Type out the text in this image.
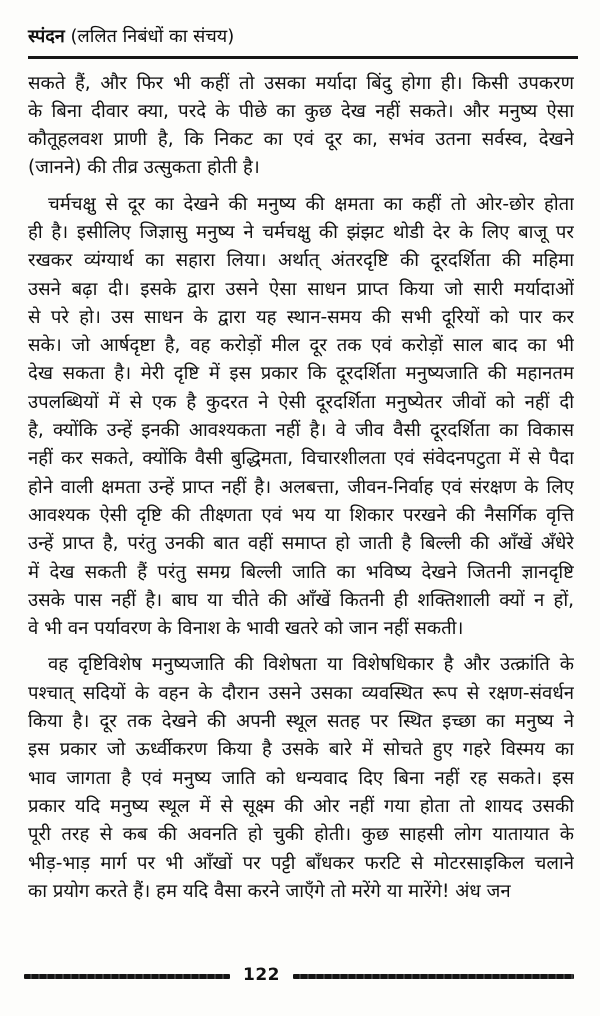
स्पंदन (ललित निबंधों का संचय)
सकते हैं, और फिर भी कहीं तो उसका मर्यादा बिंदु होगा ही। किसी उपकरण
के बिना दीवार क्या, परदे के पीछे का कुछ देख नहीं सकते। और मनुष्य ऐसा
कौतूहलवश प्राणी है, कि निकट का एवं दूर का, सभंव उतना सर्वस्व, देखने
(जानने) की तीव्र उत्सुकता होती है।
चर्मचक्षु से दूर का देखने की मनुष्य की क्षमता का कहीं तो ओर-छोर होता
ही है। इसीलिए जिज्ञासु मनुष्य ने चर्मचक्षु की झंझट थोडी देर के लिए बाजू पर
रखकर व्यंग्यार्थ का सहारा लिया। अर्थात् अंतरदृष्टि की दूरदर्शिता की महिमा
उसने बढ़ा दी। इसके द्वारा उसने ऐसा साधन प्राप्त किया जो सारी मर्यादाओं
से परे हो। उस साधन के द्वारा यह स्थान-समय की सभी दूरियों को पार कर
सके। जो आर्षदृष्टा है, वह करोड़ों मील दूर तक एवं करोड़ों साल बाद का भी
देख सकता है। मेरी दृष्टि में इस प्रकार कि दूरदर्शिता मनुष्यजाति की महानतम
उपलब्धियों में से एक है कुदरत ने ऐसी दूरदर्शिता मनुष्येतर जीवों को नहीं दी
है, क्योंकि उन्हें इनकी आवश्यकता नहीं है। वे जीव वैसी दूरदर्शिता का विकास
नहीं कर सकते, क्योंकि वैसी बुद्धिमता, विचारशीलता एवं संवेदनपटुता में से पैदा
होने वाली क्षमता उन्हें प्राप्त नहीं है। अलबत्ता, जीवन-निर्वाह एवं संरक्षण के लिए
आवश्यक ऐसी दृष्टि की तीक्ष्णता एवं भय या शिकार परखने की नैसर्गिक वृत्ति
उन्हें प्राप्त है, परंतु उनकी बात वहीं समाप्त हो जाती है बिल्ली की आँखें अँधेरे
में देख सकती हैं परंतु समग्र बिल्ली जाति का भविष्य देखने जितनी ज्ञानदृष्टि
उसके पास नहीं है। बाघ या चीते की आँखें कितनी ही शक्तिशाली क्यों न हों,
वे भी वन पर्यावरण के विनाश के भावी खतरे को जान नहीं सकती।
वह दृष्टिविशेष मनुष्यजाति की विशेषता या विशेषधिकार है और उत्क्रांति के
पश्चात् सदियों के वहन के दौरान उसने उसका व्यवस्थित रूप से रक्षण-संवर्धन
किया है। दूर तक देखने की अपनी स्थूल सतह पर स्थित इच्छा का मनुष्य ने
इस प्रकार जो ऊर्ध्वीकरण किया है उसके बारे में सोचते हुए गहरे विस्मय का
भाव जागता है एवं मनुष्य जाति को धन्यवाद दिए बिना नहीं रह सकते। इस
प्रकार यदि मनुष्य स्थूल में से सूक्ष्म की ओर नहीं गया होता तो शायद उसकी
पूरी तरह से कब की अवनति हो चुकी होती। कुछ साहसी लोग यातायात के
भीड़-भाड़ मार्ग पर भी आँखों पर पट्टी बाँधकर फरटि से मोटरसाइकिल चलाने
का प्रयोग करते हैं। हम यदि वैसा करने जाएँगे तो मरेंगे या मारेंगे! अंध जन
122
